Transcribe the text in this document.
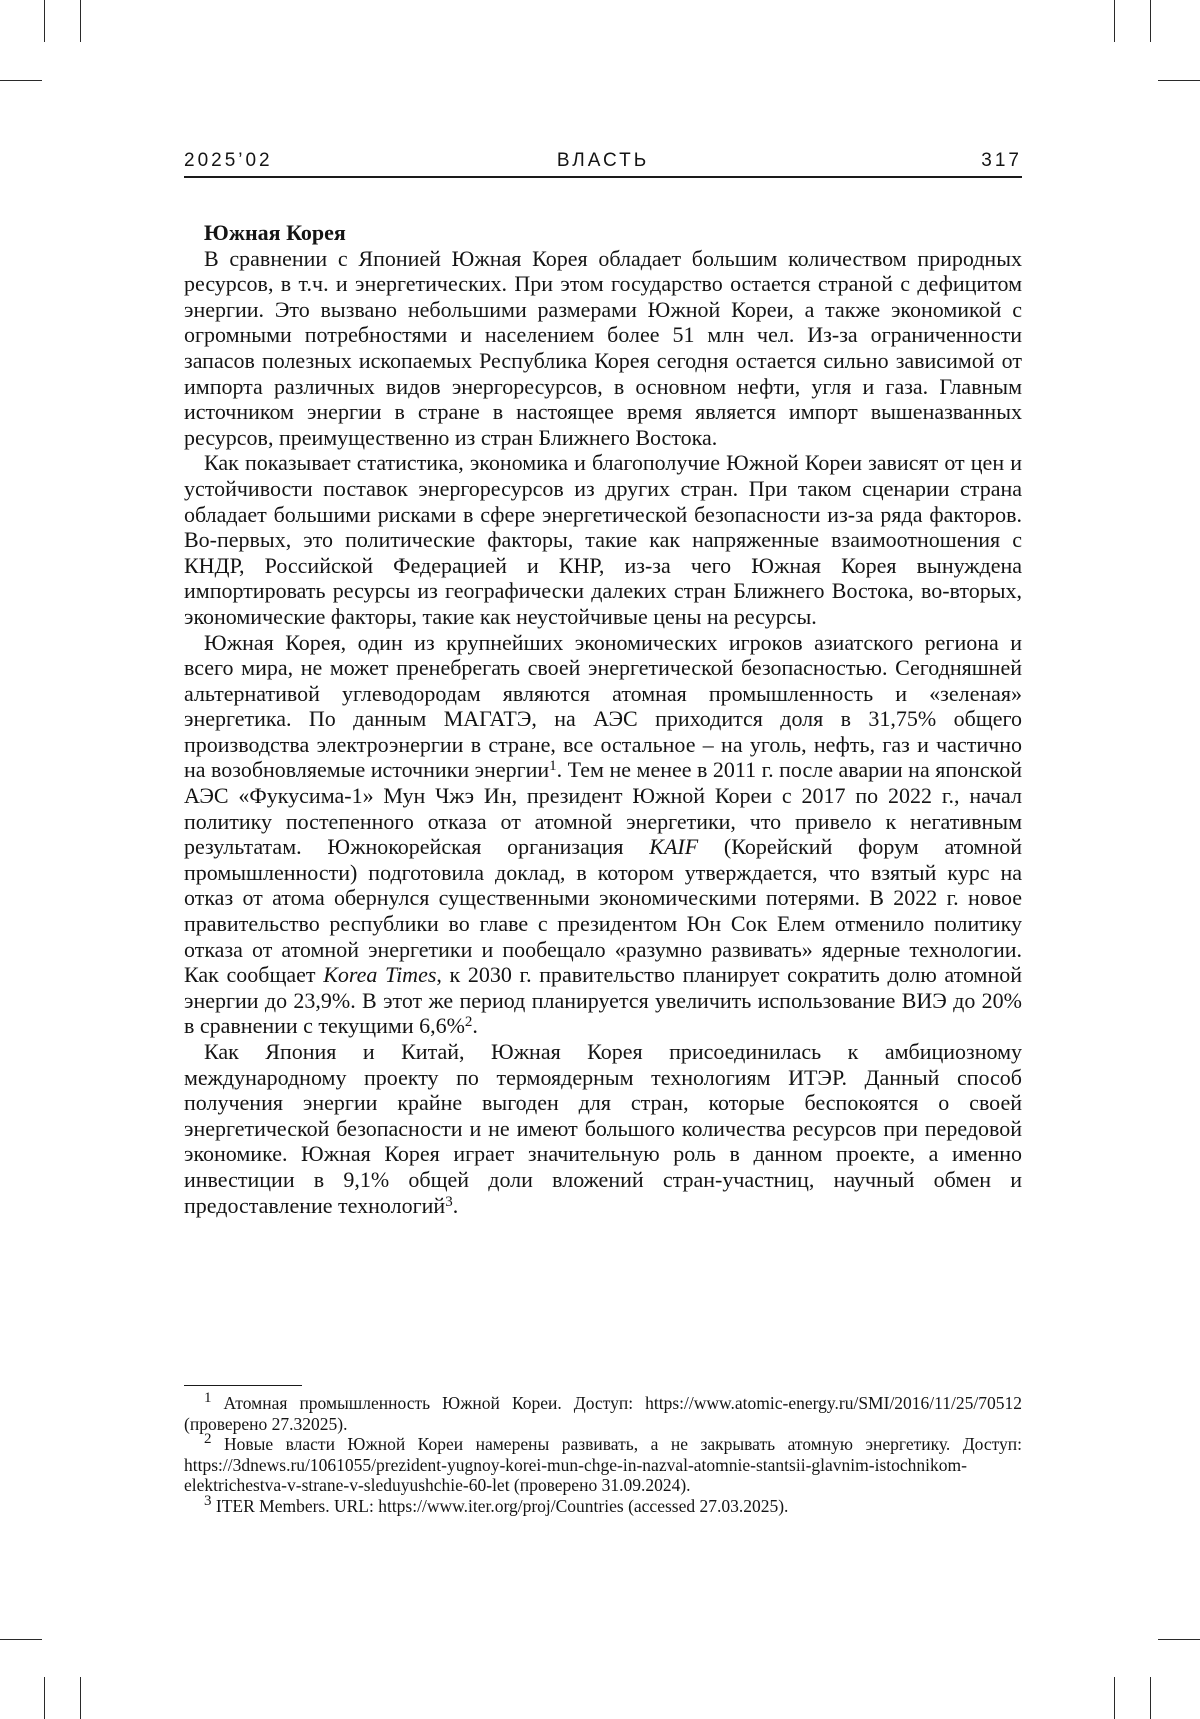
2025’02	ВЛАСТЬ	317
Южная Корея

В сравнении с Японией Южная Корея обладает большим количеством природных ресурсов, в т.ч. и энергетических. При этом государство остается страной с дефицитом энергии. Это вызвано небольшими размерами Южной Кореи, а также экономикой с огромными потребностями и населением более 51 млн чел. Из-за ограниченности запасов полезных ископаемых Республика Корея сегодня остается сильно зависимой от импорта различных видов энергоресурсов, в основном нефти, угля и газа. Главным источником энергии в стране в настоящее время является импорт вышеназванных ресурсов, преимущественно из стран Ближнего Востока.

Как показывает статистика, экономика и благополучие Южной Кореи зависят от цен и устойчивости поставок энергоресурсов из других стран. При таком сценарии страна обладает большими рисками в сфере энергетической безопасности из-за ряда факторов. Во-первых, это политические факторы, такие как напряженные взаимоотношения с КНДР, Российской Федерацией и КНР, из-за чего Южная Корея вынуждена импортировать ресурсы из географически далеких стран Ближнего Востока, во-вторых, экономические факторы, такие как неустойчивые цены на ресурсы.

Южная Корея, один из крупнейших экономических игроков азиатского региона и всего мира, не может пренебрегать своей энергетической безопасностью. Сегодняшней альтернативой углеводородам являются атомная промышленность и «зеленая» энергетика. По данным МАГАТЭ, на АЭС приходится доля в 31,75% общего производства электроэнергии в стране, все остальное – на уголь, нефть, газ и частично на возобновляемые источники энергии$^1$. Тем не менее в 2011 г. после аварии на японской АЭС «Фукусима-1» Мун Чжэ Ин, президент Южной Кореи с 2017 по 2022 г., начал политику постепенного отказа от атомной энергетики, что привело к негативным результатам. Южнокорейская организация KAIF (Корейский форум атомной промышленности) подготовила доклад, в котором утверждается, что взятый курс на отказ от атома обернулся существенными экономическими потерями. В 2022 г. новое правительство республики во главе с президентом Юн Сок Елем отменило политику отказа от атомной энергетики и пообещало «разумно развивать» ядерные технологии. Как сообщает Korea Times, к 2030 г. правительство планирует сократить долю атомной энергии до 23,9%. В этот же период планируется увеличить использование ВИЭ до 20% в сравнении с текущими 6,6%$^2$.

Как Япония и Китай, Южная Корея присоединилась к амбициозному международному проекту по термоядерным технологиям ИТЭР. Данный способ получения энергии крайне выгоден для стран, которые беспокоятся о своей энергетической безопасности и не имеют большого количества ресурсов при передовой экономике. Южная Корея играет значительную роль в данном проекте, а именно инвестиции в 9,1% общей доли вложений стран-участниц, научный обмен и предоставление технологий$^3$.

$^1$ Атомная промышленность Южной Кореи. Доступ: https://www.atomic-energy.ru/SMI/2016/11/25/70512 (проверено 27.32025).

$^2$ Новые власти Южной Кореи намерены развивать, а не закрывать атомную энергетику. Доступ: https://3dnews.ru/1061055/prezident-yugnoy-korei-mun-chge-in-nazval-atomnie-stantsii-glavnim-istochnikom-elektrichestva-v-strane-v-sleduyushchie-60-let (проверено 31.09.2024).

$^3$ ITER Members. URL: https://www.iter.org/proj/Countries (accessed 27.03.2025).
